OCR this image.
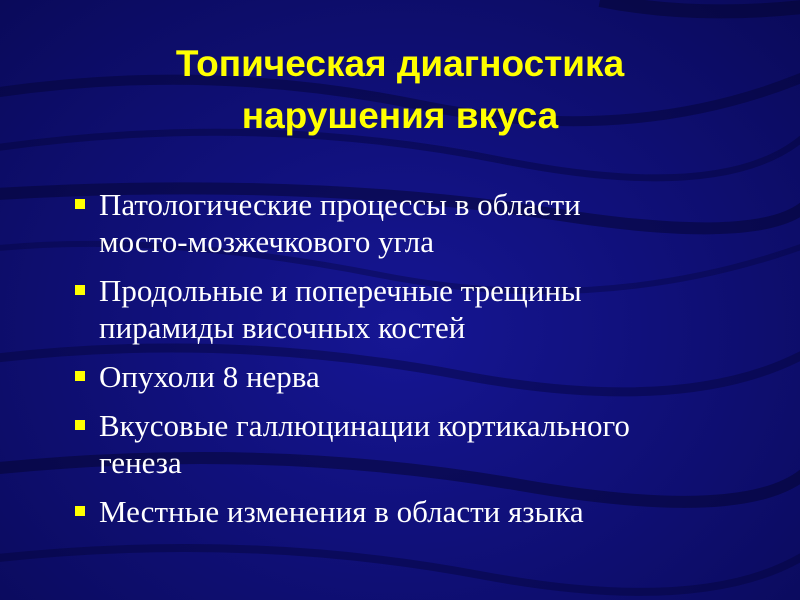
Топическая диагностика
нарушения вкуса
Патологические процессы в области
мосто-мозжечкового угла
Продольные и поперечные трещины
пирамиды височных костей
Опухоли 8 нерва
Вкусовые галлюцинации кортикального
генеза
Местные изменения в области языка
